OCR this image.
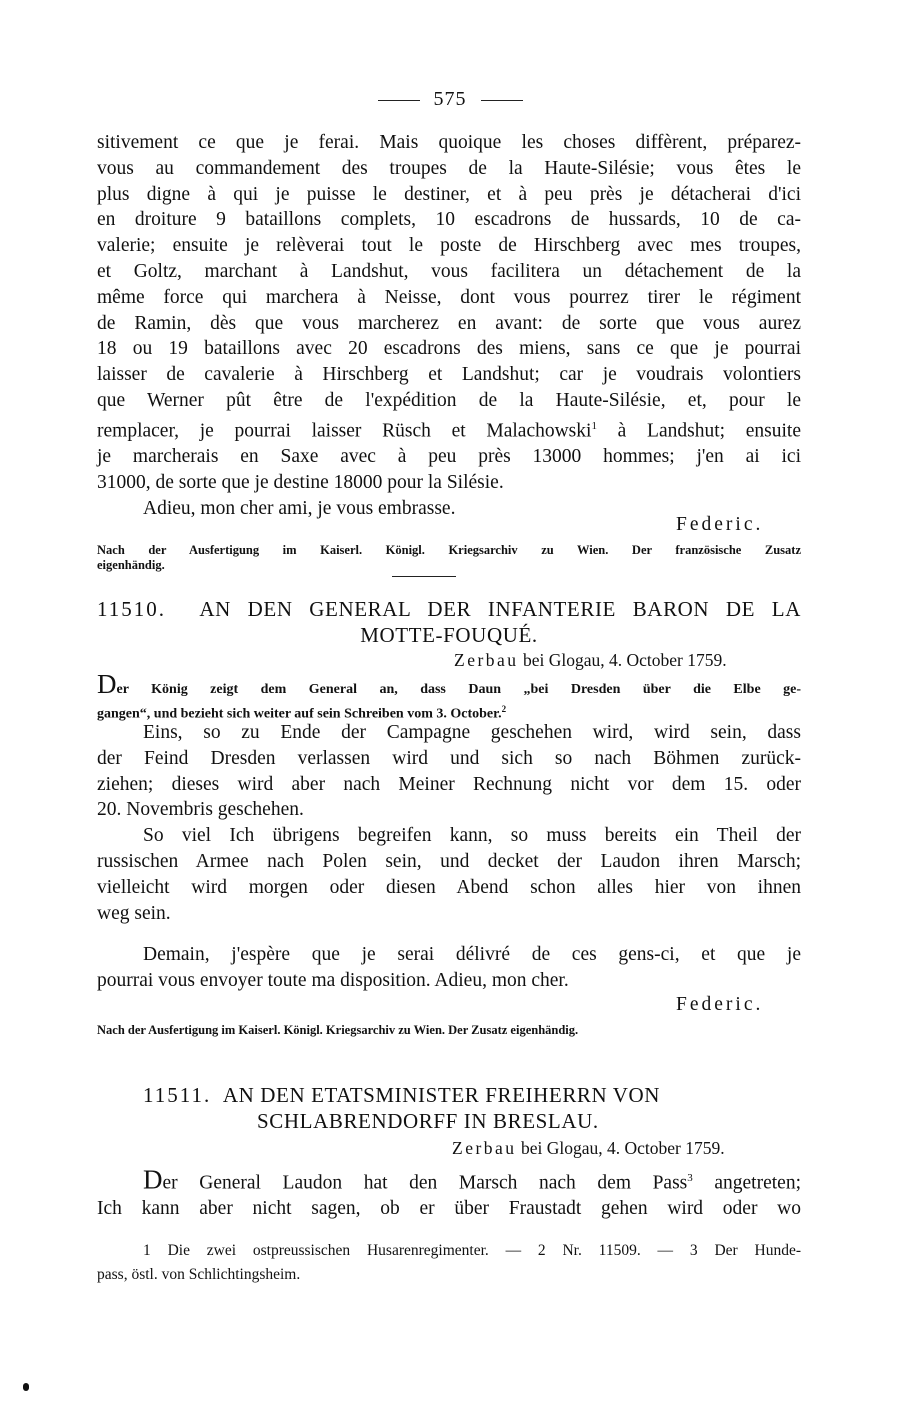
575
sitivement ce que je ferai. Mais quoique les choses diffèrent, préparez-
vous au commandement des troupes de la Haute-Silésie; vous êtes le
plus digne à qui je puisse le destiner, et à peu près je détacherai d'ici
en droiture 9 bataillons complets, 10 escadrons de hussards, 10 de ca-
valerie; ensuite je relèverai tout le poste de Hirschberg avec mes troupes,
et Goltz, marchant à Landshut, vous facilitera un détachement de la
même force qui marchera à Neisse, dont vous pourrez tirer le régiment
de Ramin, dès que vous marcherez en avant: de sorte que vous aurez
18 ou 19 bataillons avec 20 escadrons des miens, sans ce que je pourrai
laisser de cavalerie à Hirschberg et Landshut; car je voudrais volontiers
que Werner pût être de l'expédition de la Haute-Silésie, et, pour le
remplacer, je pourrai laisser Rüsch et Malachowski$^1$ à Landshut; ensuite
je marcherais en Saxe avec à peu près 13000 hommes; j'en ai ici
31000, de sorte que je destine 18000 pour la Silésie.
Adieu, mon cher ami, je vous embrasse.
Federic.
Nach der Ausfertigung im Kaiserl. Königl. Kriegsarchiv zu Wien. Der französische Zusatz
eigenhändig.
11510. AN DEN GENERAL DER INFANTERIE BARON DE LA
MOTTE-FOUQUÉ.
Zerbau bei Glogau, 4. October 1759.
Der König zeigt dem General an, dass Daun „bei Dresden über die Elbe ge-
gangen“, und bezieht sich weiter auf sein Schreiben vom 3. October.$^2$
Eins, so zu Ende der Campagne geschehen wird, wird sein, dass
der Feind Dresden verlassen wird und sich so nach Böhmen zurück-
ziehen; dieses wird aber nach Meiner Rechnung nicht vor dem 15. oder
20. Novembris geschehen.
So viel Ich übrigens begreifen kann, so muss bereits ein Theil der
russischen Armee nach Polen sein, und decket der Laudon ihren Marsch;
vielleicht wird morgen oder diesen Abend schon alles hier von ihnen
weg sein.
Demain, j'espère que je serai délivré de ces gens-ci, et que je
pourrai vous envoyer toute ma disposition. Adieu, mon cher.
Federic.
Nach der Ausfertigung im Kaiserl. Königl. Kriegsarchiv zu Wien. Der Zusatz eigenhändig.
11511. AN DEN ETATSMINISTER FREIHERRN VON
SCHLABRENDORFF IN BRESLAU.
Zerbau bei Glogau, 4. October 1759.
Der General Laudon hat den Marsch nach dem Pass$^3$ angetreten;
Ich kann aber nicht sagen, ob er über Fraustadt gehen wird oder wo
1 Die zwei ostpreussischen Husarenregimenter. — 2 Nr. 11509. — 3 Der Hunde-
pass, östl. von Schlichtingsheim.
